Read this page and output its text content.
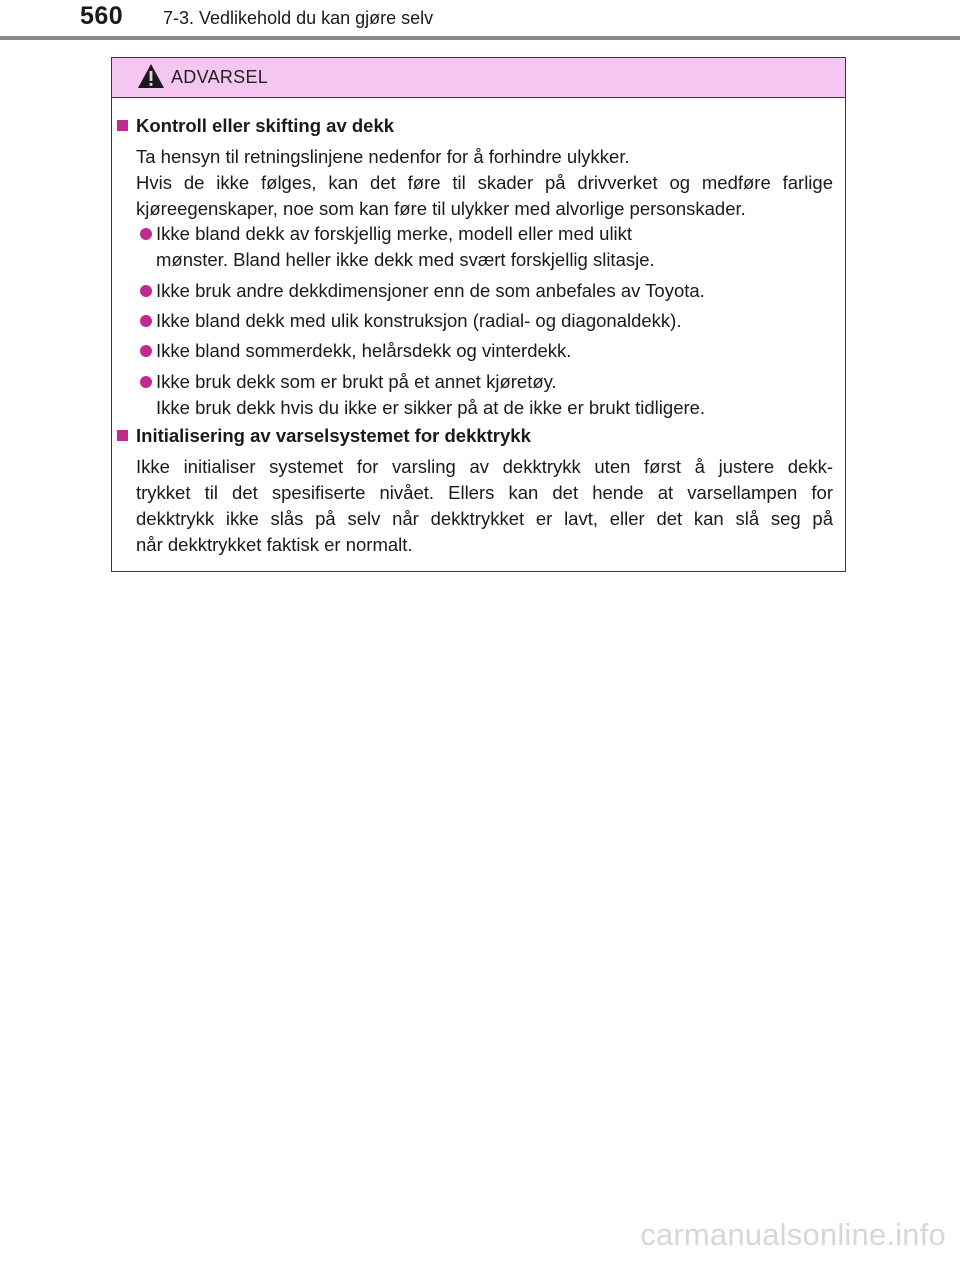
560 7-3. Vedlikehold du kan gjøre selv
ADVARSEL
Kontroll eller skifting av dekk
Ta hensyn til retningslinjene nedenfor for å forhindre ulykker.
Hvis de ikke følges, kan det føre til skader på drivverket og medføre farlige
kjøreegenskaper, noe som kan føre til ulykker med alvorlige personskader.
Ikke bland dekk av forskjellig merke, modell eller med ulikt
mønster. Bland heller ikke dekk med svært forskjellig slitasje.
Ikke bruk andre dekkdimensjoner enn de som anbefales av Toyota.
Ikke bland dekk med ulik konstruksjon (radial- og diagonaldekk).
Ikke bland sommerdekk, helårsdekk og vinterdekk.
Ikke bruk dekk som er brukt på et annet kjøretøy.
Ikke bruk dekk hvis du ikke er sikker på at de ikke er brukt tidligere.
Initialisering av varselsystemet for dekktrykk
Ikke initialiser systemet for varsling av dekktrykk uten først å justere dekk-
trykket til det spesifiserte nivået. Ellers kan det hende at varsellampen for
dekktrykk ikke slås på selv når dekktrykket er lavt, eller det kan slå seg på
når dekktrykket faktisk er normalt.
carmanualsonline.info
